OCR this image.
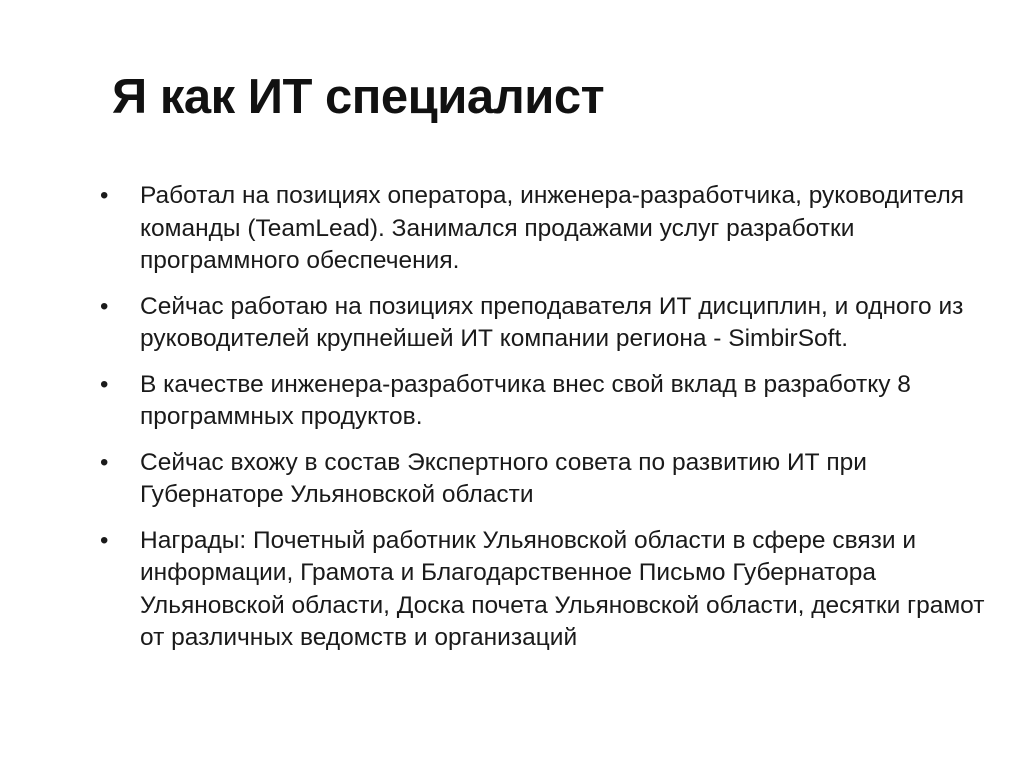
Я как ИТ специалист
•	Работал на позициях оператора, инженера-разработчика, руководителя команды (TeamLead). Занимался продажами услуг разработки программного обеспечения.
•	Сейчас работаю на позициях преподавателя ИТ дисциплин, и одного из руководителей крупнейшей ИТ компании региона - SimbirSoft.
•	В качестве инженера-разработчика внес свой вклад в разработку 8 программных продуктов.
•	Сейчас вхожу в состав Экспертного совета по развитию ИТ при Губернаторе Ульяновской области
•	Награды: Почетный работник Ульяновской области в сфере связи и информации, Грамота и Благодарственное Письмо Губернатора Ульяновской области, Доска почета Ульяновской области, десятки грамот от различных ведомств и организаций
